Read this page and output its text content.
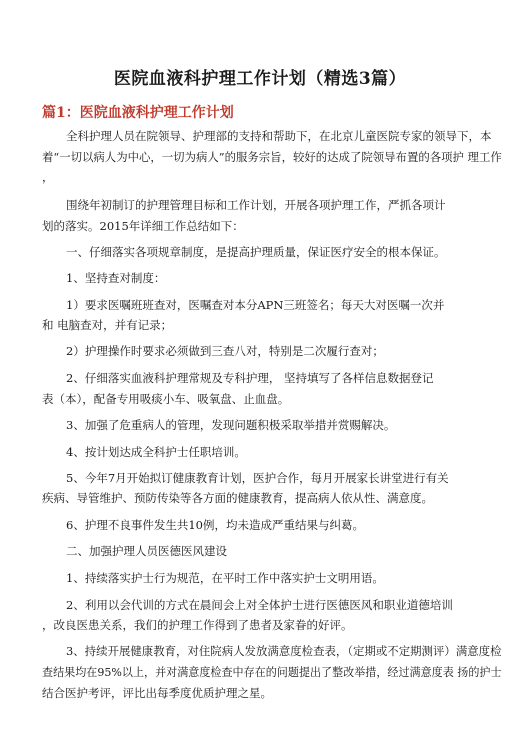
医院血液科护理工作计划（精选3篇）
篇1：医院血液科护理工作计划
全科护理人员在院领导、护理部的支持和帮助下，在北京儿童医院专家的领导下，本
着“一切以病人为中心，一切为病人”的服务宗旨，较好的达成了院领导布置的各项护 理工作
，
围绕年初制订的护理管理目标和工作计划，开展各项护理工作，严抓各项计
划的落实。2015年详细工作总结如下：
一、仔细落实各项规章制度，是提高护理质量，保证医疗安全的根本保证。
1、坚持查对制度：
1）要求医嘱班班查对，医嘱查对本分APN三班签名；每天大对医嘱一次并
和 电脑查对，并有记录；
2）护理操作时要求必须做到三查八对，特别是二次履行查对；
2、仔细落实血液科护理常规及专科护理， 坚持填写了各样信息数据登记
表（本），配备专用吸痰小车、吸氧盘、止血盘。
3、加强了危重病人的管理，发现问题积极采取举措并赏赐解决。
4、按计划达成全科护士任职培训。
5、今年7月开始拟订健康教育计划，医护合作，每月开展家长讲堂进行有关
疾病、导管维护、预防传染等各方面的健康教育，提高病人依从性、满意度。
6、护理不良事件发生共10例，均未造成严重结果与纠葛。
二、加强护理人员医德医风建设
1、持续落实护士行为规范，在平时工作中落实护士文明用语。
2、利用以会代训的方式在晨间会上对全体护士进行医德医风和职业道德培训
，改良医患关系，我们的护理工作得到了患者及家眷的好评。
3、持续开展健康教育，对住院病人发放满意度检查表，（定期或不定期测评）满意度检
查结果均在95%以上，并对满意度检查中存在的问题提出了整改举措，经过满意度表 扬的护士
结合医护考评，评比出每季度优质护理之星。
